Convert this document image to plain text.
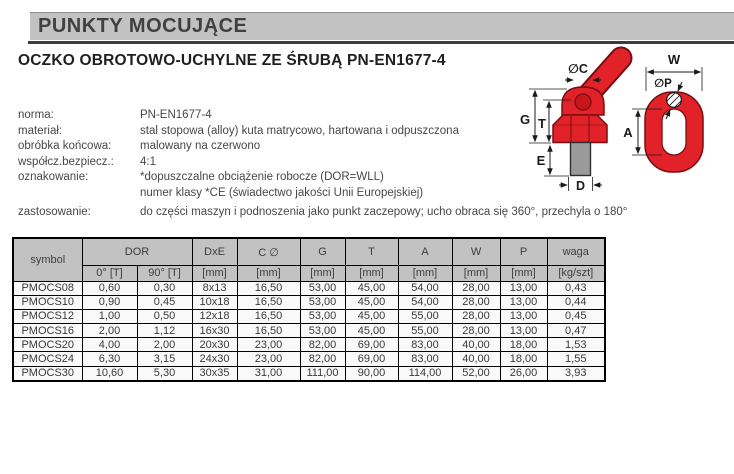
PUNKTY MOCUJĄCE
OCZKO OBROTOWO-UCHYLNE ZE ŚRUBĄ PN-EN1677-4
norma:	PN-EN1677-4
materiał:	stal stopowa (alloy) kuta matrycowo, hartowana i odpuszczona
obróbka końcowa:	malowany na czerwono
współcz.bezpiecz.:	4:1
oznakowanie:	*dopuszczalne obciążenie robocze (DOR=WLL)
numer klasy *CE (świadectwo jakości Unii Europejskiej)
zastosowanie:	do części maszyn i podnoszenia jako punkt zaczepowy; ucho obraca się 360°, przechyla o 180°
∅C
G T
E
D
W
∅P
A
symbol	DOR		DxE	C ∅	G	T	A	W	P	waga
	0° [T]	90° [T]	[mm]	[mm]	[mm]	[mm]	[mm]	[mm]	[mm]	[kg/szt]
PMOCS08	0,60	0,30	8x13	16,50	53,00	45,00	54,00	28,00	13,00	0,43
PMOCS10	0,90	0,45	10x18	16,50	53,00	45,00	54,00	28,00	13,00	0,44
PMOCS12	1,00	0,50	12x18	16,50	53,00	45,00	55,00	28,00	13,00	0,45
PMOCS16	2,00	1,12	16x30	16,50	53,00	45,00	55,00	28,00	13,00	0,47
PMOCS20	4,00	2,00	20x30	23,00	82,00	69,00	83,00	40,00	18,00	1,53
PMOCS24	6,30	3,15	24x30	23,00	82,00	69,00	83,00	40,00	18,00	1,55
PMOCS30	10,60	5,30	30x35	31,00	111,00	90,00	114,00	52,00	26,00	3,93
